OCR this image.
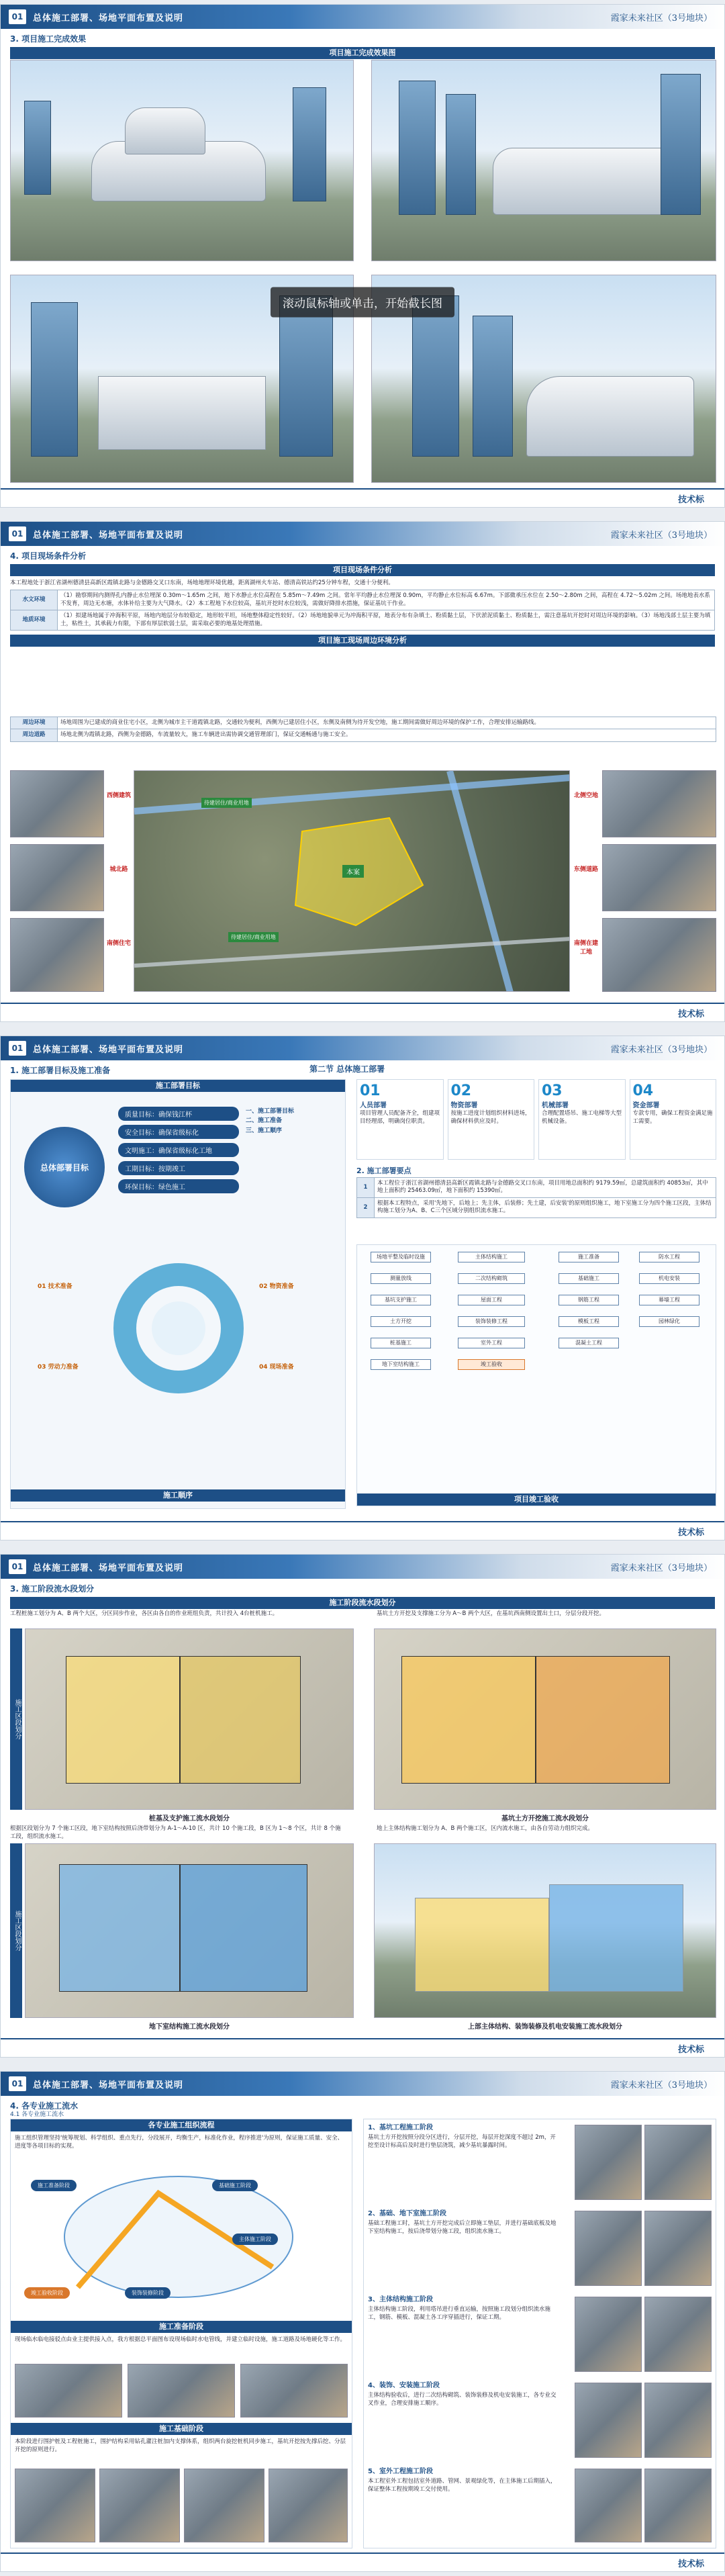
01	总体施工部署、场地平面布置及说明	霞家未来社区（3号地块）
3. 项目施工完成效果
项目施工完成效果图
滚动鼠标轴或单击，开始截长图
技术标
01	总体施工部署、场地平面布置及说明	霞家未来社区（3号地块）
4. 项目现场条件分析
项目现场条件分析
本工程地处于浙江省湖州德清县高新区霞镇北路与金德路交叉口东南，场地地理环境优越，距离湖州火车站、德清高铁站约25分钟车程，交通十分便利。
水文环境	（1）勘察期间内测得孔内静止水位埋深 0.30m～1.65m 之间，地下水静止水位高程在 5.85m～7.49m 之间。常年平均静止水位埋深 0.90m，平均静止水位标高 6.67m。下部微承压水位在 2.50～2.80m 之间，高程在 4.72～5.02m 之间。场地地表水系不发育，周边无水塘，水体补给主要为大气降水。（2）本工程地下水位较高，基坑开挖时水位较浅，需做好降排水措施，保证基坑干作业。
地质环境	（1）拟建场地属于冲海积平原，场地内地层分布较稳定，地形较平坦，场地整体稳定性较好。（2）场地地貌单元为冲海积平原，地表分布有杂填土、粉质黏土层，下伏淤泥质黏土、粉质黏土，需注意基坑开挖时对周边环境的影响。（3）场地浅部土层主要为填土，粘性土，其承载力有限，下部有厚层软弱土层，需采取必要的地基处理措施。
项目施工现场周边环境分析
周边环境	场地周围为已建成的商业住宅小区，北侧为城市主干道霞镇北路，交通较为便利，西侧为已建居住小区，东侧及南侧为待开发空地，施工期间需做好周边环境的保护工作，合理安排运输路线。
周边道路	场地北侧为霞镇北路，西侧为金德路，车流量较大，施工车辆进出需协调交通管理部门，保证交通畅通与施工安全。
西侧建筑
城北路
南侧住宅
待建居住/商业用地
本案
待建居住/商业用地
北侧空地
东侧道路
南侧在建工地
技术标
01	总体施工部署、场地平面布置及说明	霞家未来社区（3号地块）
1. 施工部署目标及施工准备	第二节 总体施工部署
施工部署目标
总体部署目标
质量目标：确保钱江杯
安全目标：确保省级标化
文明施工：确保省级标化工地
工期目标：按期竣工
环保目标：绿色施工
一、施工部署目标
二、施工准备
三、施工顺序
01 技术准备	02 物资准备
03 劳动力准备	04 现场准备
施工顺序
01
人员部署
项目管理人员配备齐全，组建项目经理部，明确岗位职责。
02
物资部署
按施工进度计划组织材料进场，确保材料供应及时。
03
机械部署
合理配置塔吊、施工电梯等大型机械设备。
04
资金部署
专款专用，确保工程资金满足施工需要。
2. 施工部署要点
1	本工程位于浙江省湖州德清县高新区霞镇北路与金德路交叉口东南，项目用地总面积约 9179.59㎡，总建筑面积约 40853㎡，其中地上面积约 25463.09㎡，地下面积约 15390㎡。
2	根据本工程特点，采用'先地下，后地上；先主体，后装修；先土建，后安装'的原则组织施工，地下室施工分为四个施工区段，主体结构施工划分为A、B、C三个区域分别组织流水施工。
场地平整及临时设施
测量放线
基坑支护施工
土方开挖
桩基施工
地下室结构施工
主体结构施工
二次结构砌筑
屋面工程
装饰装修工程
室外工程
竣工验收
施工准备
基础施工
钢筋工程
模板工程
混凝土工程
防水工程
机电安装
幕墙工程
园林绿化
项目竣工验收
技术标
01	总体施工部署、场地平面布置及说明	霞家未来社区（3号地块）
3. 施工阶段流水段划分
施工阶段流水段划分
工程桩施工划分为 A、B 两个大区，分区同步作业，各区由各自的作业班组负责，共计投入 4台桩机施工。	基坑土方开挖及支撑施工分为 A～B 两个大区，在基坑西南侧设置出土口，分层分段开挖。
施工区段划分
桩基及支护施工流水段划分	基坑土方开挖施工流水段划分
根据区段划分为 7 个施工区段，地下室结构按照后浇带划分为 A-1～A-10 区，共计 10 个施工段，B 区为 1～8 个区，共计 8 个施工段，组织流水施工。
地上主体结构施工划分为 A、B 两个施工区，区内流水施工，由各自劳动力组织完成。
施工区段划分
地下室结构施工流水段划分	上部主体结构、装饰装修及机电安装施工流水段划分
技术标
01	总体施工部署、场地平面布置及说明	霞家未来社区（3号地块）
4. 各专业施工流水
4.1 各专业施工流水
各专业施工组织流程
施工组织管理坚持'统筹规划、科学组织、重点先行，分段展开，均衡生产，标准化作业，程序推进'为原则，保证施工质量、安全、进度等各项目标的实现。
施工准备阶段	基础施工阶段
主体施工阶段
装饰装修阶段
竣工验收阶段
施工准备阶段
现场临水临电接驳点由业主提供接入点，我方根据总平面图布设现场临时水电管线，并建立临时设施，施工道路及场地硬化等工作。
施工基础阶段
本阶段进行围护桩及工程桩施工，围护结构采用钻孔灌注桩加内支撑体系，组织两台旋挖桩机同步施工，基坑开挖按先撑后挖、分层开挖的原则进行。
1、基坑工程施工阶段
基坑土方开挖按照分段分区进行，分层开挖，每层开挖深度不超过 2m，开挖至设计标高后及时进行垫层浇筑，减少基坑暴露时间。
2、基础、地下室施工阶段
基础工程施工时，基坑土方开挖完成后立即施工垫层，并进行基础底板及地下室结构施工，按后浇带划分施工段，组织流水施工。
3、主体结构施工阶段
主体结构施工阶段，利用塔吊进行垂直运输，按照施工段划分组织流水施工，钢筋、模板、混凝土各工序穿插进行，保证工期。
4、装饰、安装施工阶段
主体结构验收后，进行二次结构砌筑、装饰装修及机电安装施工，各专业交叉作业，合理安排施工顺序。
5、室外工程施工阶段
本工程室外工程包括室外道路、管网、景观绿化等，在主体施工后期插入，保证整体工程按期竣工交付使用。
技术标
